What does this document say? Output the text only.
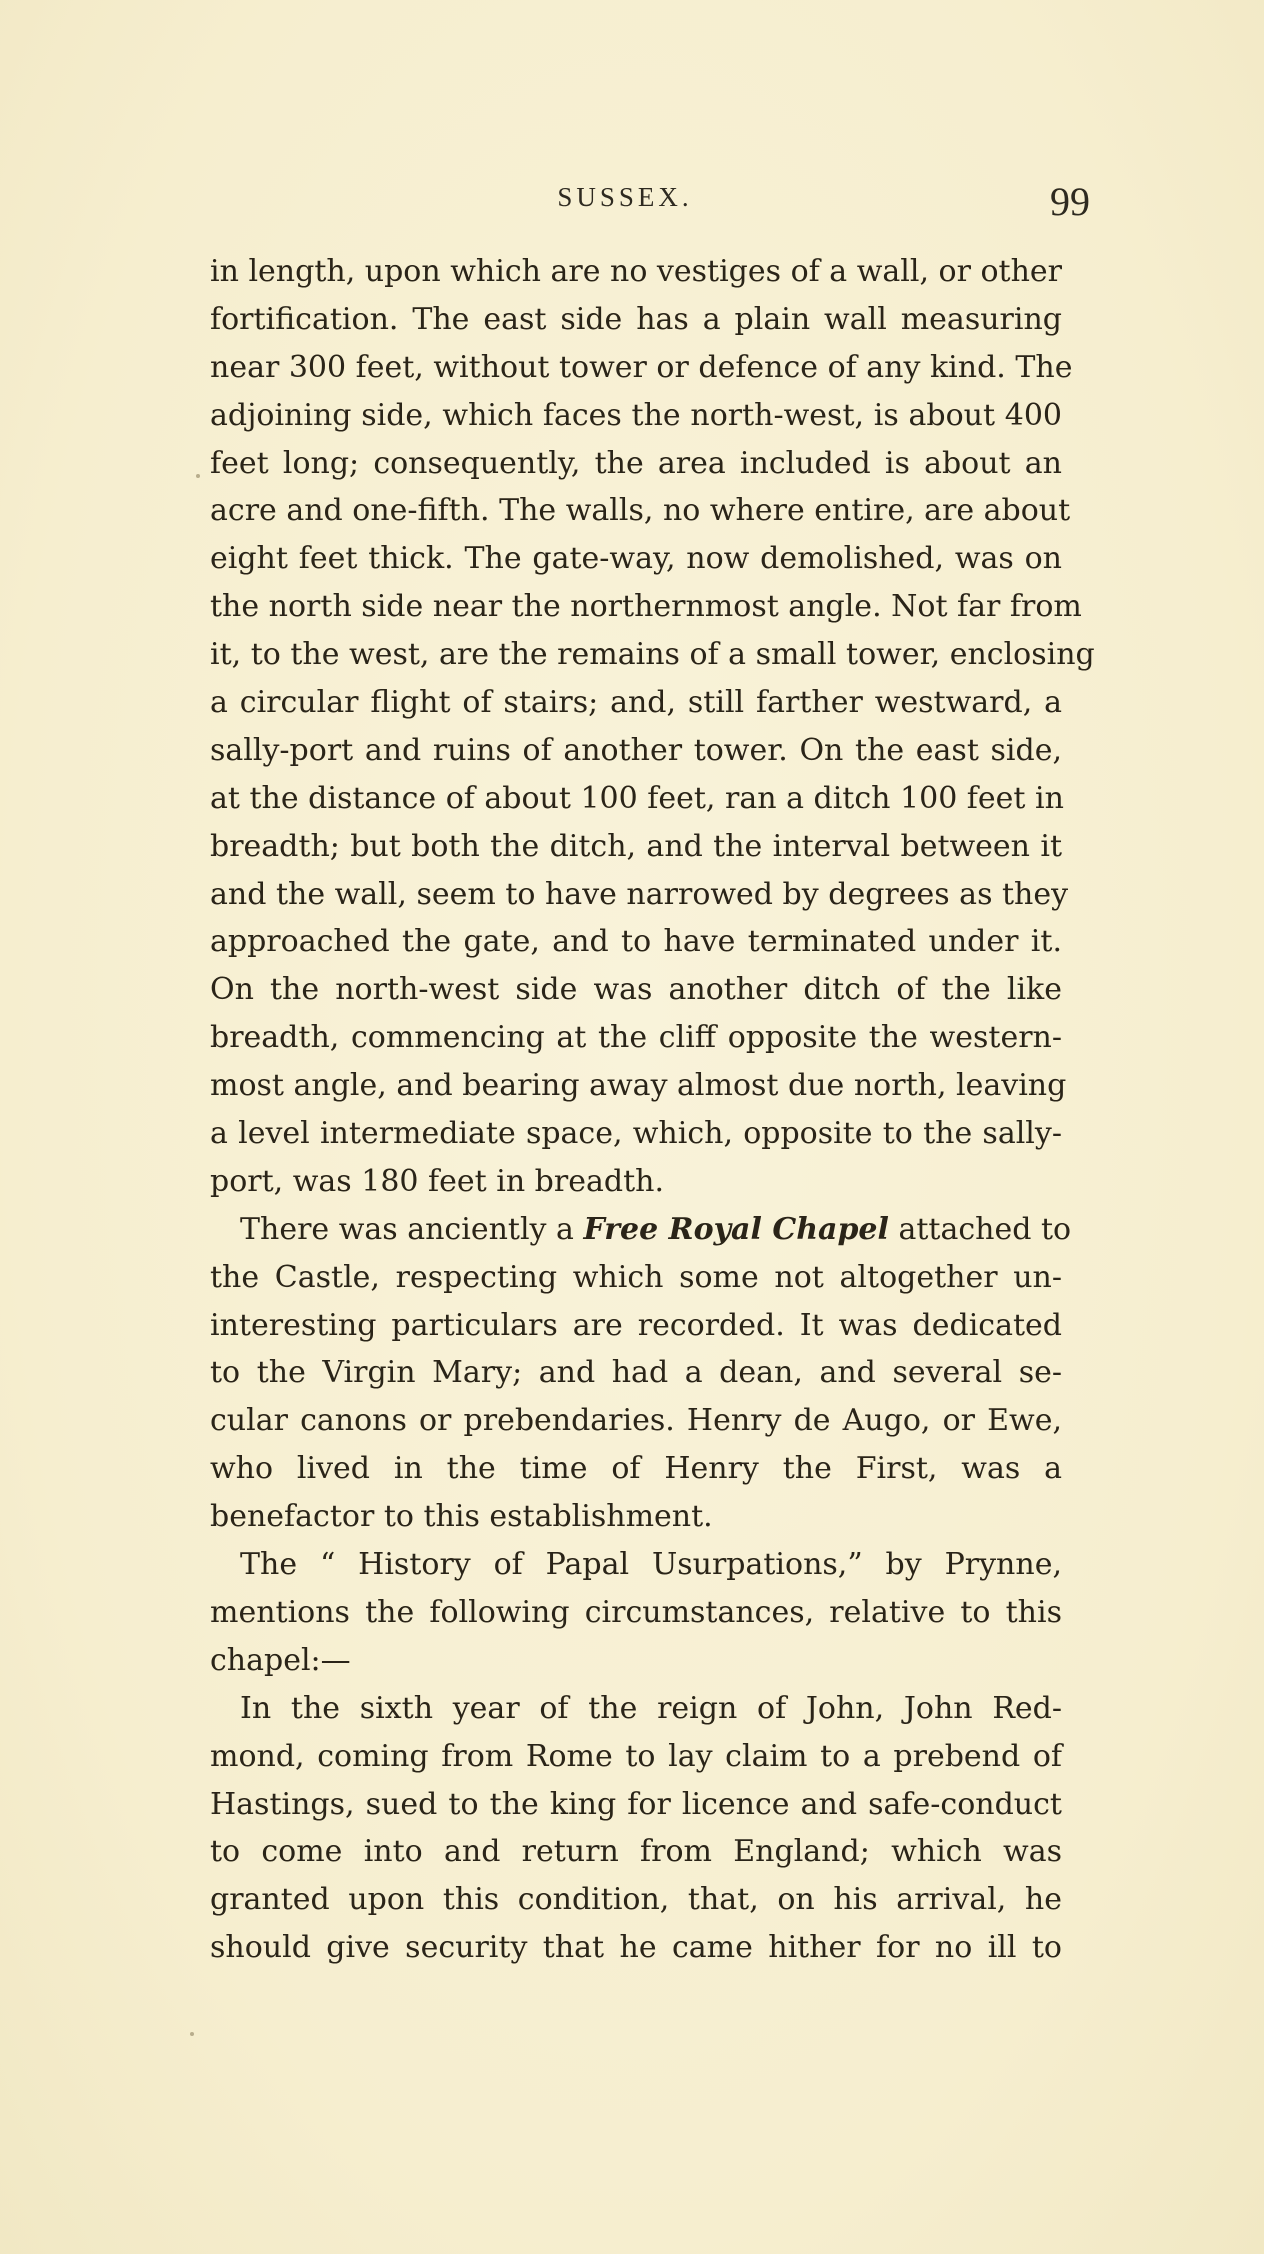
SUSSEX.	99
in length, upon which are no vestiges of a wall, or other
fortification. The east side has a plain wall measuring
near 300 feet, without tower or defence of any kind. The
adjoining side, which faces the north-west, is about 400
feet long; consequently, the area included is about an
acre and one-fifth. The walls, no where entire, are about
eight feet thick. The gate-way, now demolished, was on
the north side near the northernmost angle. Not far from
it, to the west, are the remains of a small tower, enclosing
a circular flight of stairs; and, still farther westward, a
sally-port and ruins of another tower. On the east side,
at the distance of about 100 feet, ran a ditch 100 feet in
breadth; but both the ditch, and the interval between it
and the wall, seem to have narrowed by degrees as they
approached the gate, and to have terminated under it.
On the north-west side was another ditch of the like
breadth, commencing at the cliff opposite the western-
most angle, and bearing away almost due north, leaving
a level intermediate space, which, opposite to the sally-
port, was 180 feet in breadth.
There was anciently a Free Royal Chapel attached to
the Castle, respecting which some not altogether un-
interesting particulars are recorded. It was dedicated
to the Virgin Mary; and had a dean, and several se-
cular canons or prebendaries. Henry de Augo, or Ewe,
who lived in the time of Henry the First, was a
benefactor to this establishment.
The “ History of Papal Usurpations,” by Prynne,
mentions the following circumstances, relative to this
chapel:—
In the sixth year of the reign of John, John Red-
mond, coming from Rome to lay claim to a prebend of
Hastings, sued to the king for licence and safe-conduct
to come into and return from England; which was
granted upon this condition, that, on his arrival, he
should give security that he came hither for no ill to
